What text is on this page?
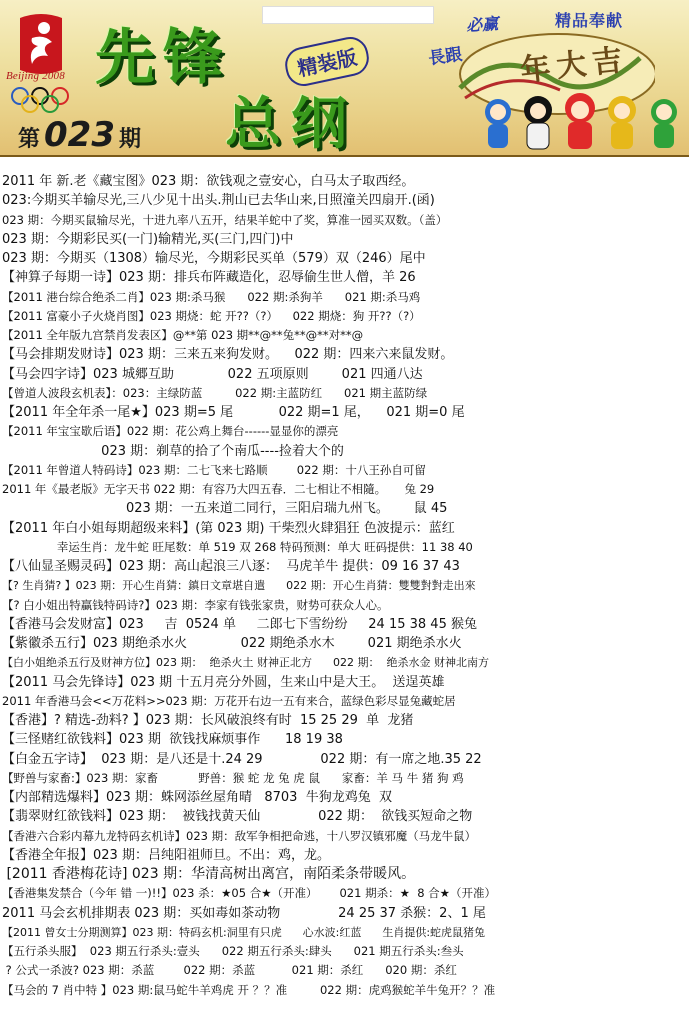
Beijing 2008 先锋
总纲
精装版
第 023 期
必赢	精品奉献
長跟 年大吉
2011 年 新.老《藏宝图》023 期：欲钱观之壹安心，白马太子取西经。
023:今期买羊输尽光,三八少见十出头.荆山已去华山来,日照潼关四扇开.(函)
023 期：今期买鼠输尽光，十进九率八五开，结果羊蛇中了奖，算准一园买双数。（盖）
023 期：今期彩民买(一门)输精光,买(三门,四门)中
023 期：今期买（1308）输尽光，今期彩民买单（579）双（246）尾中
【神算子每期一诗】023 期：排兵布阵藏造化，忍辱偷生世人僧，羊 26
【2011 港台综合绝杀二肖】023 期:杀马猴      022 期:杀狗羊      021 期:杀马鸡
【2011 富豪小子火烧肖图】023 期烧：蛇 开??（?）    022 期烧：狗 开??（?）
【2011 全年版九宫禁肖发表区】@**第 023 期**@**兔**@**对**@
【马会排期发财诗】023 期：三来五来狗发财。    022 期：四来六来鼠发财。
【马会四字诗】023 城郷互助             022 五项原则        021 四通八达
【曾道人波段玄机表】：023：主绿防蓝         022 期:主蓝防红      021 期主蓝防绿
【2011 年全年杀一尾★】023 期=5 尾           022 期=1 尾，    021 期=0 尾
【2011 年宝宝歇后语】022 期：花公鸡上舞台------显显你的漂亮
023 期：剃草的拾了个南瓜----捡着大个的
【2011 年曾道人特码诗】023 期：二七飞来七路顺        022 期：十八王孙自可留
2011 年《最老版》无字天书 022 期：有容乃大四五春．二七相让不相隨。     兔 29
023 期：一五来道二同行，三阳启瑞九州飞。      鼠 45
【2011 年白小姐每期超级来料】(第 023 期) 干柴烈火肆猖狂 色波提示：蓝红
幸运生肖：龙牛蛇 旺尾数：单 519 双 268 特码预测：单大 旺码提供：11 38 40
【八仙显圣赐灵码】023 期：高山起浪三八逐：  马虎羊牛 提供：09 16 37 43
【? 生肖猜? 】023 期：开心生肖猜：鎮日文章堪自遣      022 期：开心生肖猜：雙雙對對走出來
【? 白小姐出特贏钱特码诗?】023 期：李家有钱张家贵，财势可获众人心。
【香港马会发财富】023     吉  0524 单     二郎七下雪纷纷     24 15 38 45 猴兔
【紫徽杀五行】023 期绝杀水火             022 期绝杀水木        021 期绝杀水火
【白小姐绝杀五行及财神方位】023 期：  绝杀火土 财神正北方      022 期：  绝杀水金 财神北南方
【2011 马会先锋诗】023 期 十五月亮分外圆，生来山中是大王。  送逞英雄
2011 年香港马会<<万花料>>023 期：万花开右边一五有来合，蓝绿色彩尽显兔藏蛇居
【香港】? 精选-劲料? 】023 期：长风破浪终有时  15 25 29  单  龙猪
【三怪赌红欲钱料】023 期  欲钱找麻烦事作      18 19 38
【白金五字诗】  023 期：是八还是十.24 29              022 期：有一席之地.35 22
【野兽与家畜:】023 期：家畜           野兽：猴 蛇 龙 兔 虎 鼠      家畜：羊 马 牛 猪 狗 鸡
【内部精选爆料】023 期：蛛网添丝屋角晴   8703  牛狗龙鸡兔  双
【翡翠财红欲钱料】023 期：  被钱找黄天仙              022 期：  欲钱买短命之物
【香港六合彩内幕九龙特码玄机诗】023 期：敌军争相把命逃，十八罗汉镇邪魔（马龙牛鼠）
【香港全年报】023 期：吕纯阳祖师旦。不出：鸡，龙。
[2011 香港梅花诗] 023 期：华清高树出离宫，南陌柔条带暖风。
【香港集发禁合（今年 错 一)!!】023 杀：★05 合★（开准）      021 期杀：★  8 合★（开准）
2011 马会玄机排期表 023 期：买如毒如茶动物              24 25 37 杀猴：2、1 尾
【2011 曾女士分期测算】023 期：特码玄机:洞里有只虎      心水波:红蓝      生肖提供:蛇虎鼠猪兔
【五行杀头服】  023 期五行杀头:壹头      022 期五行杀头:肆头      021 期五行杀头:叁头
? 公式一杀波? 023 期：杀蓝        022 期：杀蓝          021 期：杀红      020 期：杀红
【马会的 7 肖中特 】023 期:鼠马蛇牛羊鸡虎 开 ？？准         022 期：虎鸡猴蛇羊牛兔开？？准
